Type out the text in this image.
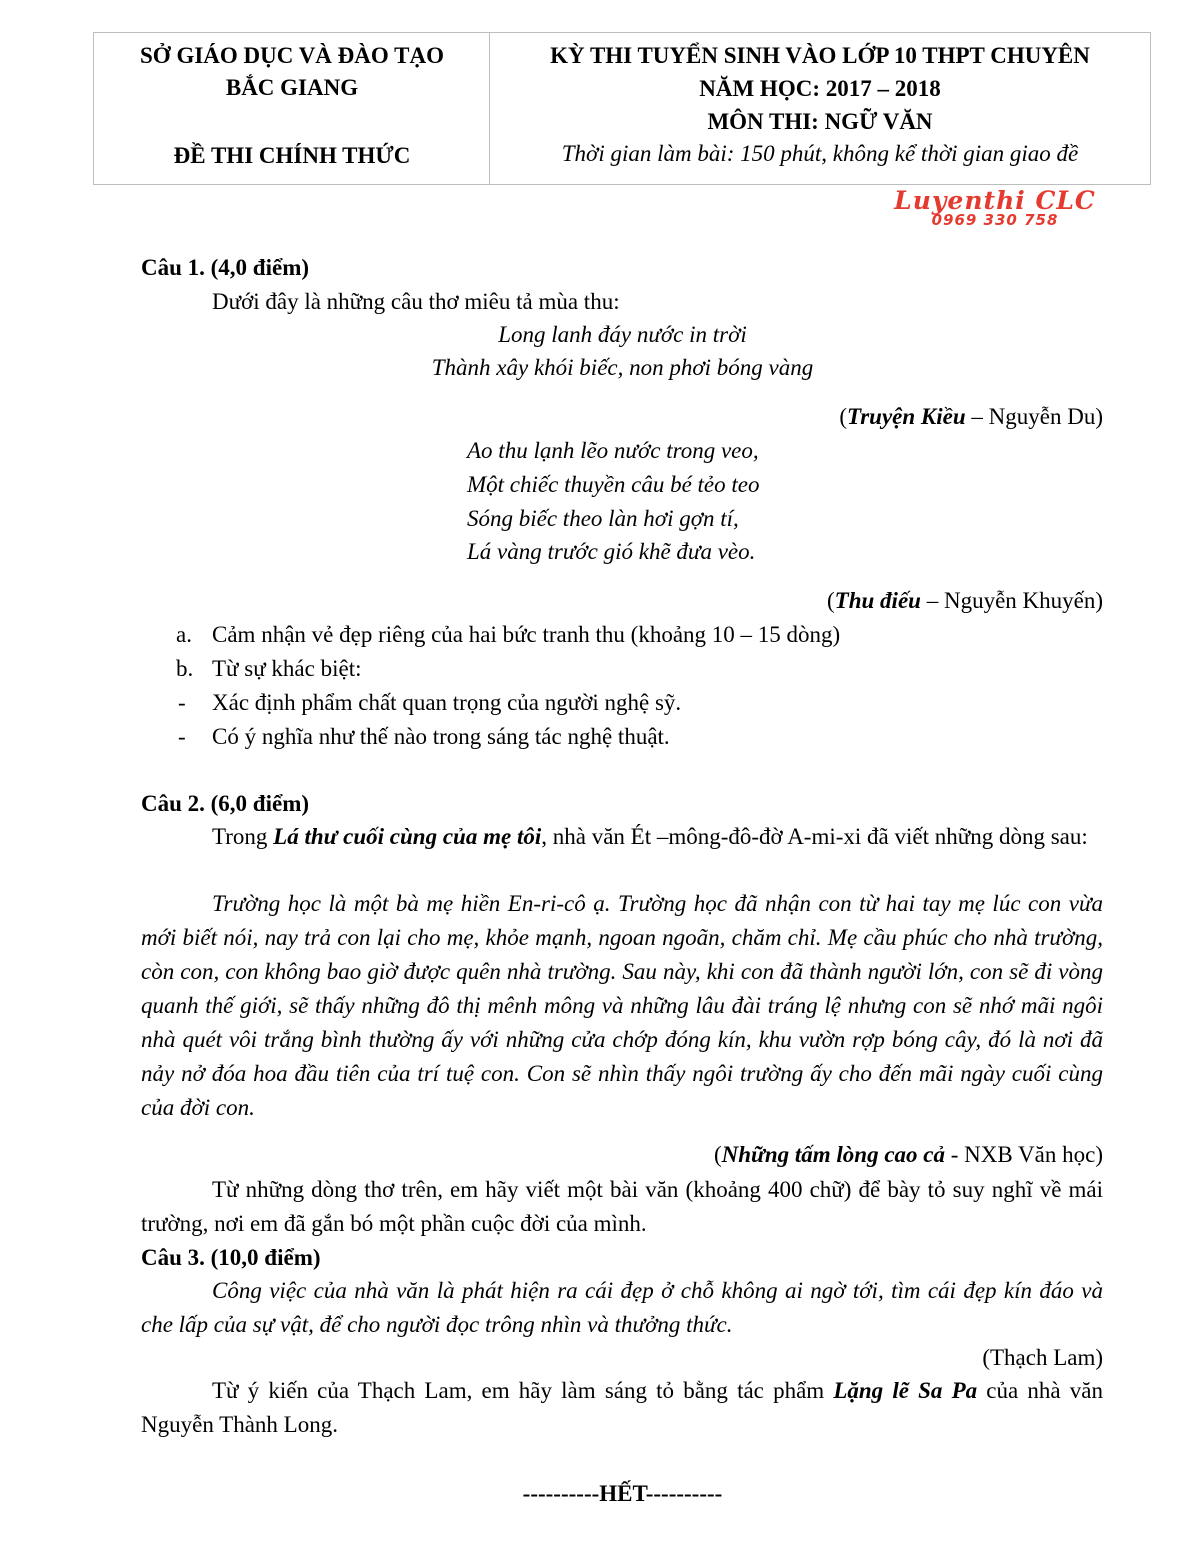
SỞ GIÁO DỤC VÀ ĐÀO TẠO
BẮC GIANG
ĐỀ THI CHÍNH THỨC
KỲ THI TUYỂN SINH VÀO LỚP 10 THPT CHUYÊN
NĂM HỌC: 2017 – 2018
MÔN THI: NGỮ VĂN
Thời gian làm bài: 150 phút, không kể thời gian giao đề
Luyenthi CLC
0969 330 758
Câu 1. (4,0 điểm)
Dưới đây là những câu thơ miêu tả mùa thu:
Long lanh đáy nước in trời
Thành xây khói biếc, non phơi bóng vàng
(Truyện Kiều – Nguyễn Du)
Ao thu lạnh lẽo nước trong veo,
Một chiếc thuyền câu bé tẻo teo
Sóng biếc theo làn hơi gợn tí,
Lá vàng trước gió khẽ đưa vèo.
(Thu điếu – Nguyễn Khuyến)
a. Cảm nhận vẻ đẹp riêng của hai bức tranh thu (khoảng 10 – 15 dòng)
b. Từ sự khác biệt:
- Xác định phẩm chất quan trọng của người nghệ sỹ.
- Có ý nghĩa như thế nào trong sáng tác nghệ thuật.
Câu 2. (6,0 điểm)
Trong Lá thư cuối cùng của mẹ tôi, nhà văn Ét –mông-đô-đờ A-mi-xi đã viết những dòng sau:
Trường học là một bà mẹ hiền En-ri-cô ạ. Trường học đã nhận con từ hai tay mẹ lúc con vừa mới biết nói, nay trả con lại cho mẹ, khỏe mạnh, ngoan ngoãn, chăm chỉ. Mẹ cầu phúc cho nhà trường, còn con, con không bao giờ được quên nhà trường. Sau này, khi con đã thành người lớn, con sẽ đi vòng quanh thế giới, sẽ thấy những đô thị mênh mông và những lâu đài tráng lệ nhưng con sẽ nhớ mãi ngôi nhà quét vôi trắng bình thường ấy với những cửa chớp đóng kín, khu vườn rợp bóng cây, đó là nơi đã nảy nở đóa hoa đầu tiên của trí tuệ con. Con sẽ nhìn thấy ngôi trường ấy cho đến mãi ngày cuối cùng của đời con.
(Những tấm lòng cao cả - NXB Văn học)
Từ những dòng thơ trên, em hãy viết một bài văn (khoảng 400 chữ) để bày tỏ suy nghĩ về mái trường, nơi em đã gắn bó một phần cuộc đời của mình.
Câu 3. (10,0 điểm)
Công việc của nhà văn là phát hiện ra cái đẹp ở chỗ không ai ngờ tới, tìm cái đẹp kín đáo và che lấp của sự vật, để cho người đọc trông nhìn và thưởng thức.
(Thạch Lam)
Từ ý kiến của Thạch Lam, em hãy làm sáng tỏ bằng tác phẩm Lặng lẽ Sa Pa của nhà văn Nguyễn Thành Long.
----------HẾT----------
